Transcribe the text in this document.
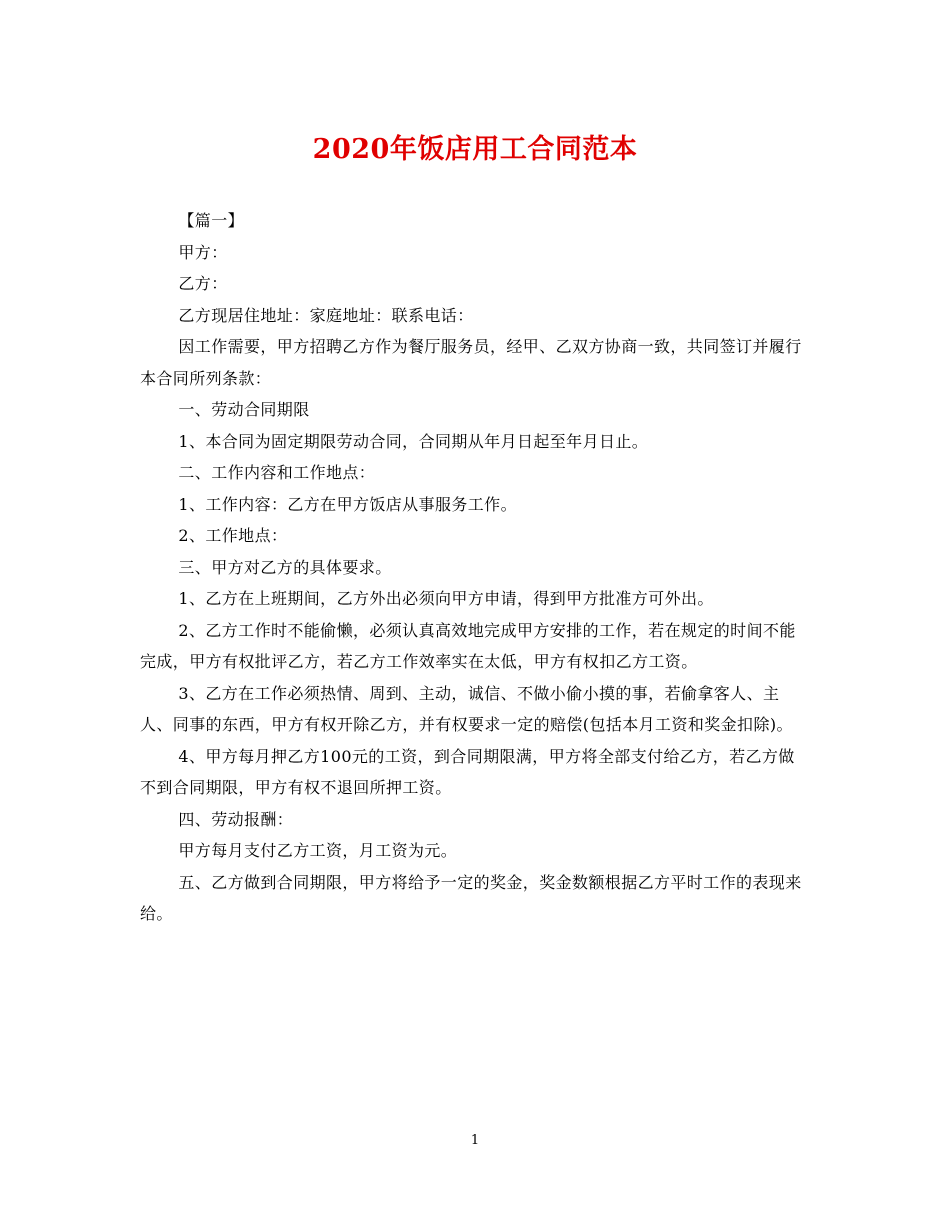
2020年饭店用工合同范本

【篇一】

甲方：

乙方：

乙方现居住地址：家庭地址：联系电话：

因工作需要，甲方招聘乙方作为餐厅服务员，经甲、乙双方协商一致，共同签订并履行本合同所列条款：

一、劳动合同期限

1、本合同为固定期限劳动合同，合同期从年月日起至年月日止。

二、工作内容和工作地点：

1、工作内容：乙方在甲方饭店从事服务工作。

2、工作地点：

三、甲方对乙方的具体要求。

1、乙方在上班期间，乙方外出必须向甲方申请，得到甲方批准方可外出。

2、乙方工作时不能偷懒，必须认真高效地完成甲方安排的工作，若在规定的时间不能完成，甲方有权批评乙方，若乙方工作效率实在太低，甲方有权扣乙方工资。

3、乙方在工作必须热情、周到、主动，诚信、不做小偷小摸的事，若偷拿客人、主人、同事的东西，甲方有权开除乙方，并有权要求一定的赔偿(包括本月工资和奖金扣除)。

4、甲方每月押乙方100元的工资，到合同期限满，甲方将全部支付给乙方，若乙方做不到合同期限，甲方有权不退回所押工资。

四、劳动报酬：

甲方每月支付乙方工资，月工资为元。

五、乙方做到合同期限，甲方将给予一定的奖金，奖金数额根据乙方平时工作的表现来给。

1
